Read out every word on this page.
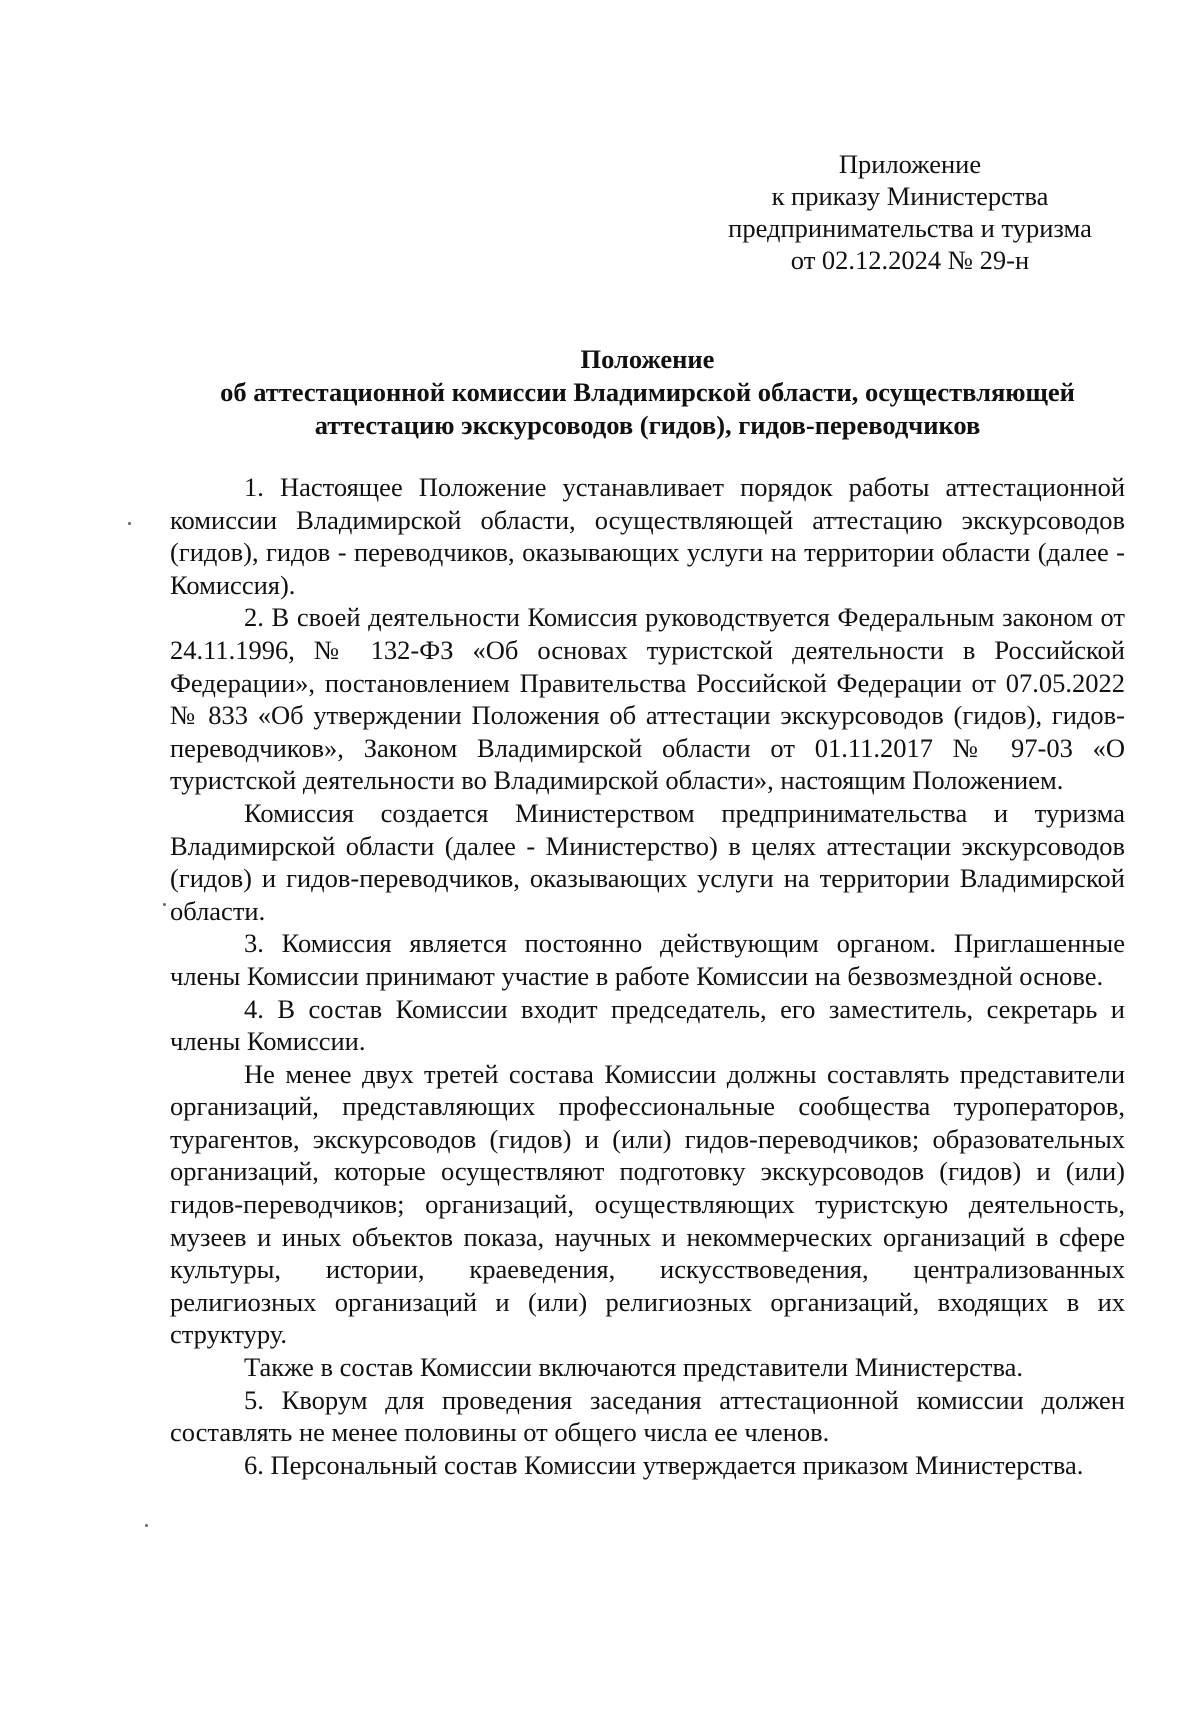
Приложение
к приказу Министерства
предпринимательства и туризма
от 02.12.2024 № 29-н
Положение
об аттестационной комиссии Владимирской области, осуществляющей
аттестацию экскурсоводов (гидов), гидов-переводчиков

1. Настоящее Положение устанавливает порядок работы аттестационной комиссии Владимирской области, осуществляющей аттестацию экскурсоводов (гидов), гидов - переводчиков, оказывающих услуги на территории области (далее - Комиссия).

2. В своей деятельности Комиссия руководствуется Федеральным законом от 24.11.1996, № 132-ФЗ «Об основах туристской деятельности в Российской Федерации», постановлением Правительства Российской Федерации от 07.05.2022 № 833 «Об утверждении Положения об аттестации экскурсоводов (гидов), гидов-переводчиков», Законом Владимирской области от 01.11.2017 № 97-03 «О туристской деятельности во Владимирской области», настоящим Положением.

Комиссия создается Министерством предпринимательства и туризма Владимирской области (далее - Министерство) в целях аттестации экскурсоводов (гидов) и гидов-переводчиков, оказывающих услуги на территории Владимирской области.

3. Комиссия является постоянно действующим органом. Приглашенные члены Комиссии принимают участие в работе Комиссии на безвозмездной основе.

4. В состав Комиссии входит председатель, его заместитель, секретарь и члены Комиссии.

Не менее двух третей состава Комиссии должны составлять представители организаций, представляющих профессиональные сообщества туроператоров, турагентов, экскурсоводов (гидов) и (или) гидов-переводчиков; образовательных организаций, которые осуществляют подготовку экскурсоводов (гидов) и (или) гидов-переводчиков; организаций, осуществляющих туристскую деятельность, музеев и иных объектов показа, научных и некоммерческих организаций в сфере культуры, истории, краеведения, искусствоведения, централизованных религиозных организаций и (или) религиозных организаций, входящих в их структуру.

Также в состав Комиссии включаются представители Министерства.

5. Кворум для проведения заседания аттестационной комиссии должен составлять не менее половины от общего числа ее членов.

6. Персональный состав Комиссии утверждается приказом Министерства.
